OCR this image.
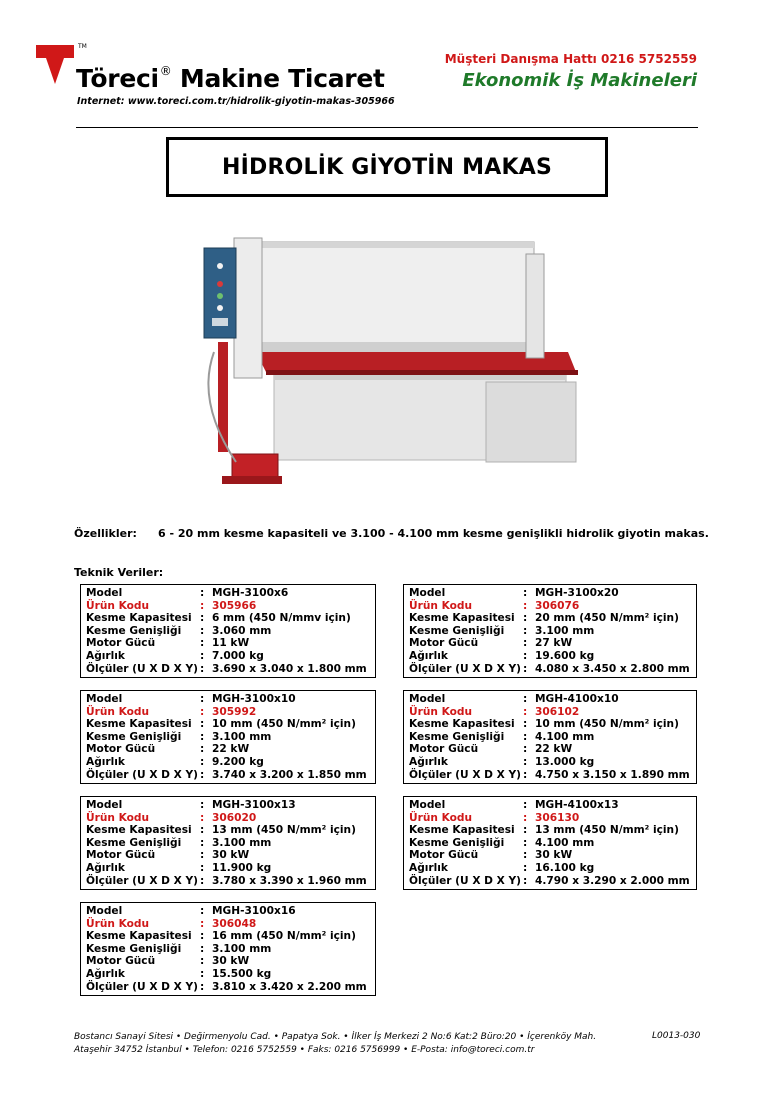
TM
Töreci® Makine Ticaret
Internet: www.toreci.com.tr/hidrolik-giyotin-makas-305966
Müşteri Danışma Hattı 0216 5752559
Ekonomik İş Makineleri
HİDROLİK GİYOTİN MAKAS
Özellikler: 6 - 20 mm kesme kapasiteli ve 3.100 - 4.100 mm kesme genişlikli hidrolik giyotin makas.
Teknik Veriler:
Model	: MGH-3100x6
Ürün Kodu	: 305966
Kesme Kapasitesi : 6 mm (450 N/mmv için)
Kesme Genişliği	: 3.060 mm
Motor Gücü	: 11 kW
Ağırlık	: 7.000 kg
Ölçüler (U X D X Y) : 3.690 x 3.040 x 1.800 mm
Model	: MGH-3100x20
Ürün Kodu	: 306076
Kesme Kapasitesi : 20 mm (450 N/mm² için)
Kesme Genişliği	: 3.100 mm
Motor Gücü	: 27 kW
Ağırlık	: 19.600 kg
Ölçüler (U X D X Y) : 4.080 x 3.450 x 2.800 mm
Model	: MGH-3100x10
Ürün Kodu	: 305992
Kesme Kapasitesi : 10 mm (450 N/mm² için)
Kesme Genişliği	: 3.100 mm
Motor Gücü	: 22 kW
Ağırlık	: 9.200 kg
Ölçüler (U X D X Y) : 3.740 x 3.200 x 1.850 mm
Model	: MGH-4100x10
Ürün Kodu	: 306102
Kesme Kapasitesi : 10 mm (450 N/mm² için)
Kesme Genişliği	: 4.100 mm
Motor Gücü	: 22 kW
Ağırlık	: 13.000 kg
Ölçüler (U X D X Y) : 4.750 x 3.150 x 1.890 mm
Model	: MGH-3100x13
Ürün Kodu	: 306020
Kesme Kapasitesi : 13 mm (450 N/mm² için)
Kesme Genişliği	: 3.100 mm
Motor Gücü	: 30 kW
Ağırlık	: 11.900 kg
Ölçüler (U X D X Y) : 3.780 x 3.390 x 1.960 mm
Model	: MGH-4100x13
Ürün Kodu	: 306130
Kesme Kapasitesi : 13 mm (450 N/mm² için)
Kesme Genişliği	: 4.100 mm
Motor Gücü	: 30 kW
Ağırlık	: 16.100 kg
Ölçüler (U X D X Y) : 4.790 x 3.290 x 2.000 mm
Model	: MGH-3100x16
Ürün Kodu	: 306048
Kesme Kapasitesi : 16 mm (450 N/mm² için)
Kesme Genişliği	: 3.100 mm
Motor Gücü	: 30 kW
Ağırlık	: 15.500 kg
Ölçüler (U X D X Y) : 3.810 x 3.420 x 2.200 mm
Bostancı Sanayi Sitesi • Değirmenyolu Cad. • Papatya Sok. • İlker İş Merkezi 2 No:6 Kat:2 Büro:20 • İçerenköy Mah.
Ataşehir 34752 İstanbul • Telefon: 0216 5752559 • Faks: 0216 5756999 • E-Posta: info@toreci.com.tr
L0013-030
